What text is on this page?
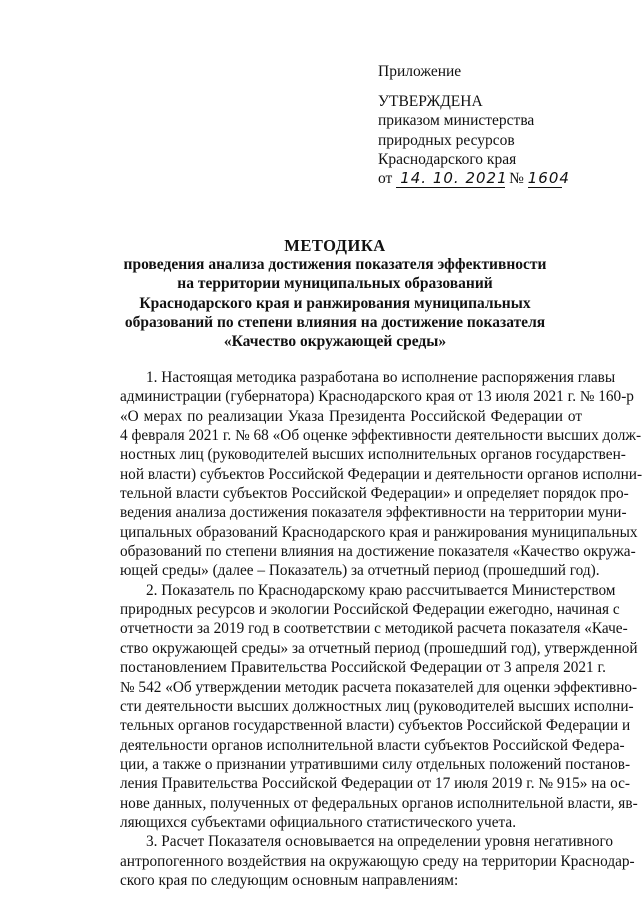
Приложение
УТВЕРЖДЕНА
приказом министерства
природных ресурсов
Краснодарского края
от 14. 10. 2021 № 1604
МЕТОДИКА
проведения анализа достижения показателя эффективности
на территории муниципальных образований
Краснодарского края и ранжирования муниципальных
образований по степени влияния на достижение показателя
«Качество окружающей среды»
1. Настоящая методика разработана во исполнение распоряжения главы
администрации (губернатора) Краснодарского края от 13 июля 2021 г. № 160-р
«О мерах по реализации Указа Президента Российской Федерации от
4 февраля 2021 г. № 68 «Об оценке эффективности деятельности высших долж-
ностных лиц (руководителей высших исполнительных органов государствен-
ной власти) субъектов Российской Федерации и деятельности органов исполни-
тельной власти субъектов Российской Федерации» и определяет порядок про-
ведения анализа достижения показателя эффективности на территории муни-
ципальных образований Краснодарского края и ранжирования муниципальных
образований по степени влияния на достижение показателя «Качество окружа-
ющей среды» (далее – Показатель) за отчетный период (прошедший год).
2. Показатель по Краснодарскому краю рассчитывается Министерством
природных ресурсов и экологии Российской Федерации ежегодно, начиная с
отчетности за 2019 год в соответствии с методикой расчета показателя «Каче-
ство окружающей среды» за отчетный период (прошедший год), утвержденной
постановлением Правительства Российской Федерации от 3 апреля 2021 г.
№ 542 «Об утверждении методик расчета показателей для оценки эффективно-
сти деятельности высших должностных лиц (руководителей высших исполни-
тельных органов государственной власти) субъектов Российской Федерации и
деятельности органов исполнительной власти субъектов Российской Федера-
ции, а также о признании утратившими силу отдельных положений постанов-
ления Правительства Российской Федерации от 17 июля 2019 г. № 915» на ос-
нове данных, полученных от федеральных органов исполнительной власти, яв-
ляющихся субъектами официального статистического учета.
3. Расчет Показателя основывается на определении уровня негативного
антропогенного воздействия на окружающую среду на территории Краснодар-
ского края по следующим основным направлениям:
